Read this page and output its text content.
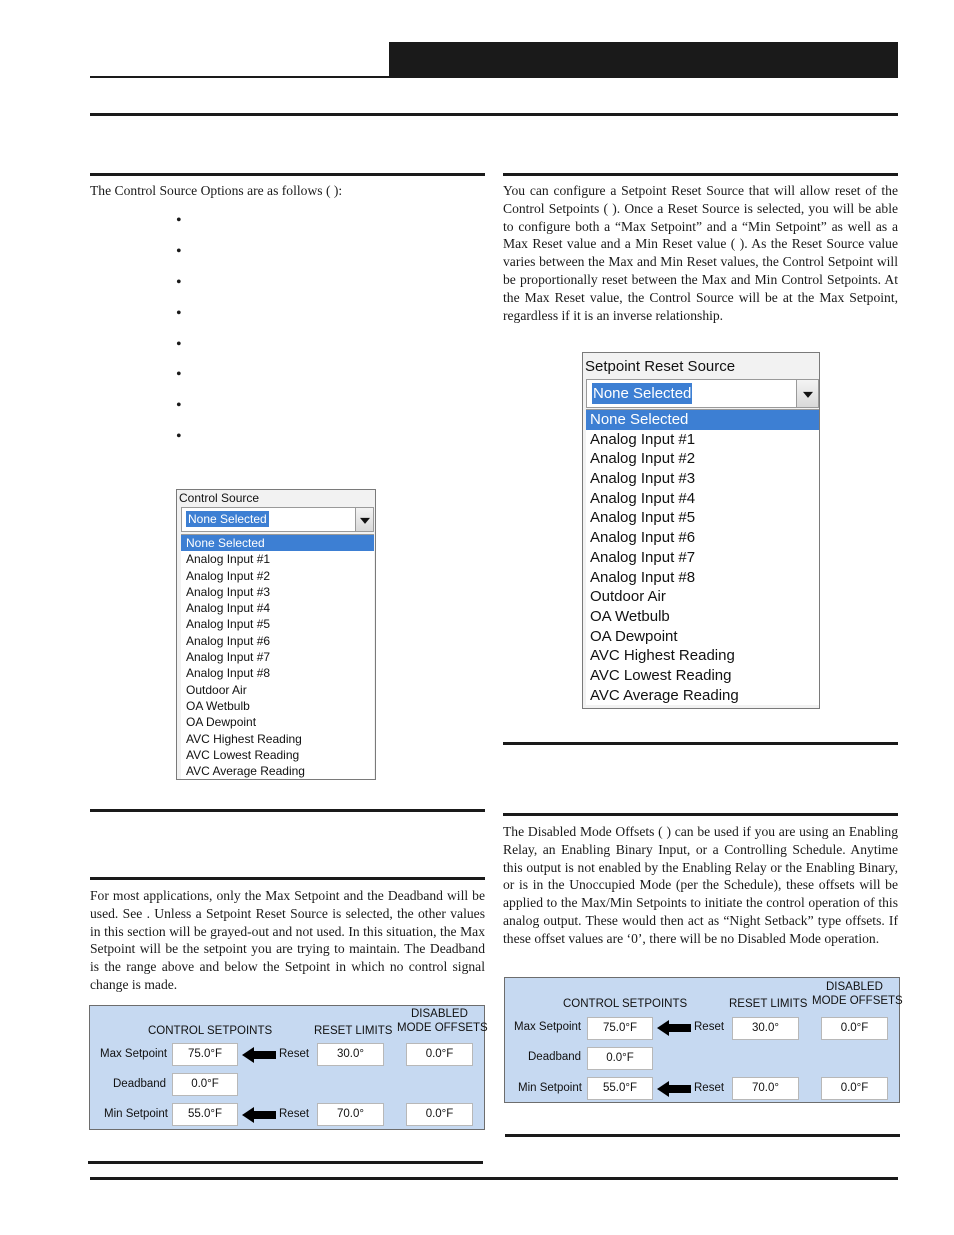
The Control Source Options are as follows ( ):
•
•
•
•
•
•
•
•
Control Source
None Selected
None Selected
Analog Input #1
Analog Input #2
Analog Input #3
Analog Input #4
Analog Input #5
Analog Input #6
Analog Input #7
Analog Input #8
Outdoor Air
OA Wetbulb
OA Dewpoint
AVC Highest Reading
AVC Lowest Reading
AVC Average Reading
For most applications, only the Max Setpoint and the Deadband will be used. See . Unless a Setpoint Reset Source is selected, the other values in this section will be grayed-out and not used. In this situation, the Max Setpoint will be the setpoint you are trying to maintain. The Deadband is the range above and below the Setpoint in which no control signal change is made.
CONTROL SETPOINTS	RESET LIMITS
DISABLED
MODE OFFSETS
Max Setpoint	75.0°F	Reset	30.0°	0.0°F
Deadband	0.0°F
Min Setpoint	55.0°F	Reset	70.0°	0.0°F
You can configure a Setpoint Reset Source that will allow reset of the Control Setpoints ( ). Once a Reset Source is selected, you will be able to configure both a “Max Setpoint” and a “Min Setpoint” as well as a Max Reset value and a Min Reset value ( ). As the Reset Source value varies between the Max and Min Reset values, the Control Setpoint will be proportionally reset between the Max and Min Control Setpoints. At the Max Reset value, the Control Source will be at the Max Setpoint, regardless if it is an inverse relationship.
Setpoint Reset Source
None Selected
None Selected
Analog Input #1
Analog Input #2
Analog Input #3
Analog Input #4
Analog Input #5
Analog Input #6
Analog Input #7
Analog Input #8
Outdoor Air
OA Wetbulb
OA Dewpoint
AVC Highest Reading
AVC Lowest Reading
AVC Average Reading
The Disabled Mode Offsets ( ) can be used if you are using an Enabling Relay, an Enabling Binary Input, or a Controlling Schedule. Anytime this output is not enabled by the Enabling Relay or the Enabling Binary, or is in the Unoccupied Mode (per the Schedule), these offsets will be applied to the Max/Min Setpoints to initiate the control operation of this analog output. These would then act as “Night Setback” type offsets. If these offset values are ‘0’, there will be no Disabled Mode operation.
CONTROL SETPOINTS	RESET LIMITS
DISABLED
MODE OFFSETS
Max Setpoint	75.0°F	Reset	30.0°	0.0°F
Deadband	0.0°F
Min Setpoint	55.0°F	Reset	70.0°	0.0°F
